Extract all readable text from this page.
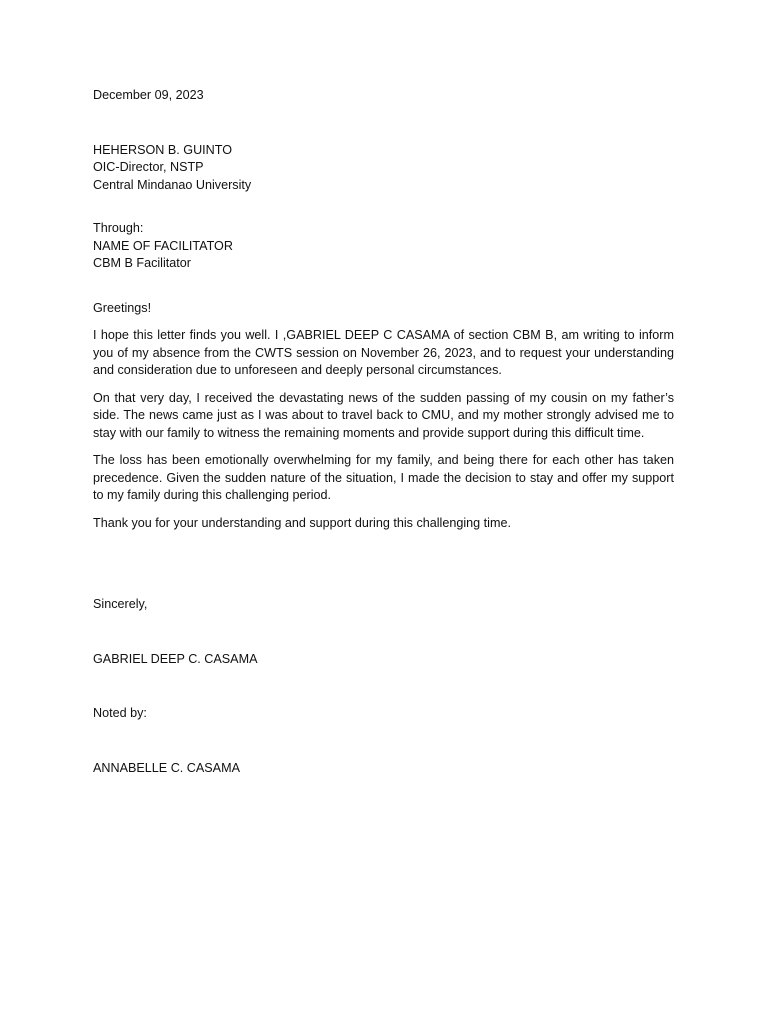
December 09, 2023
HEHERSON B. GUINTO
OIC-Director, NSTP
Central Mindanao University
Through:
NAME OF FACILITATOR
CBM B Facilitator
Greetings!

I hope this letter finds you well. I ,GABRIEL DEEP C CASAMA of section CBM B, am writing to inform you of my absence from the CWTS session on November 26, 2023, and to request your understanding and consideration due to unforeseen and deeply personal circumstances.

On that very day, I received the devastating news of the sudden passing of my cousin on my father’s side. The news came just as I was about to travel back to CMU, and my mother strongly advised me to stay with our family to witness the remaining moments and provide support during this difficult time.

The loss has been emotionally overwhelming for my family, and being there for each other has taken precedence. Given the sudden nature of the situation, I made the decision to stay and offer my support to my family during this challenging period.

Thank you for your understanding and support during this challenging time.

Sincerely,
GABRIEL DEEP C. CASAMA
Noted by:
ANNABELLE C. CASAMA
